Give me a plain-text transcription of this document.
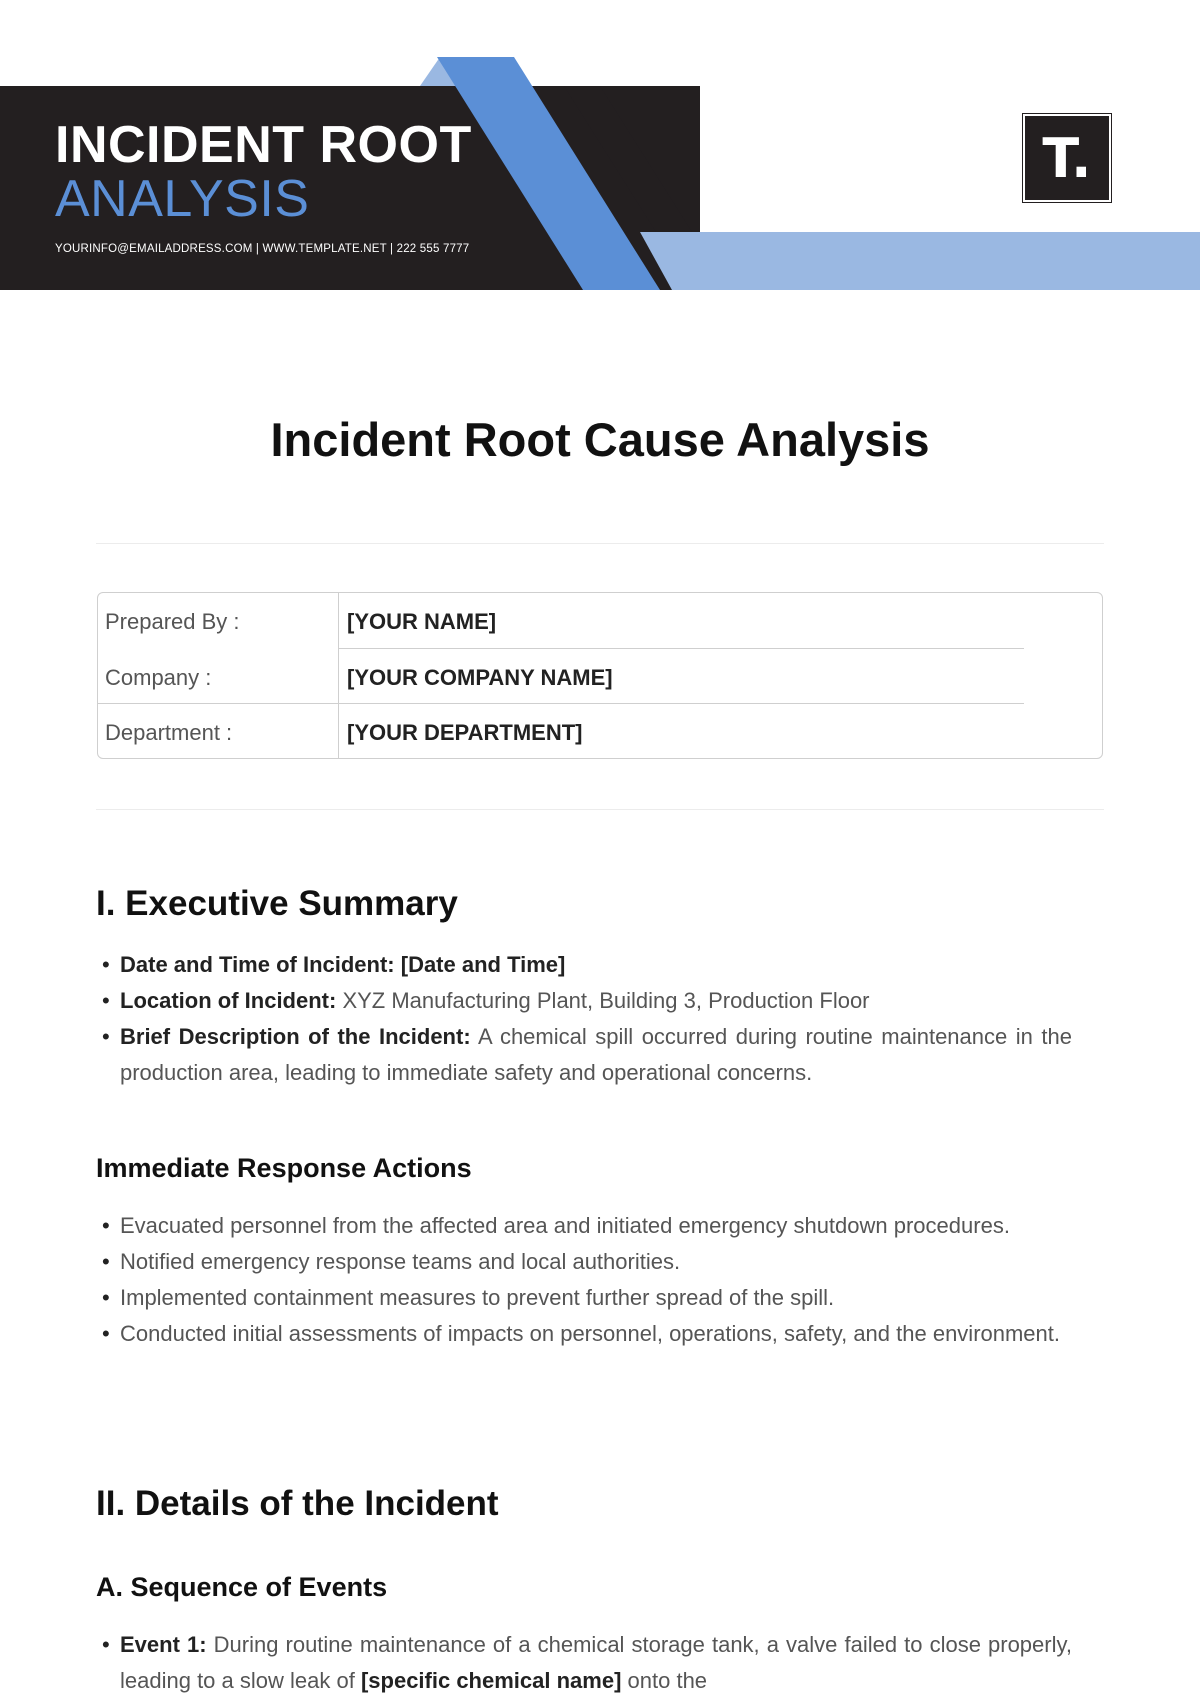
INCIDENT ROOT
ANALYSIS
YOURINFO@EMAILADDRESS.COM | WWW.TEMPLATE.NET | 222 555 7777
T.
Incident Root Cause Analysis
Prepared By :	[YOUR NAME]
Company :	[YOUR COMPANY NAME]
Department :	[YOUR DEPARTMENT]
I. Executive Summary
• Date and Time of Incident: [Date and Time]
• Location of Incident: XYZ Manufacturing Plant, Building 3, Production Floor
• Brief Description of the Incident: A chemical spill occurred during routine maintenance in the production area, leading to immediate safety and operational concerns.
Immediate Response Actions
• Evacuated personnel from the affected area and initiated emergency shutdown procedures.
• Notified emergency response teams and local authorities.
• Implemented containment measures to prevent further spread of the spill.
• Conducted initial assessments of impacts on personnel, operations, safety, and the environment.
II. Details of the Incident
A. Sequence of Events
• Event 1: During routine maintenance of a chemical storage tank, a valve failed to close properly, leading to a slow leak of [specific chemical name] onto the
